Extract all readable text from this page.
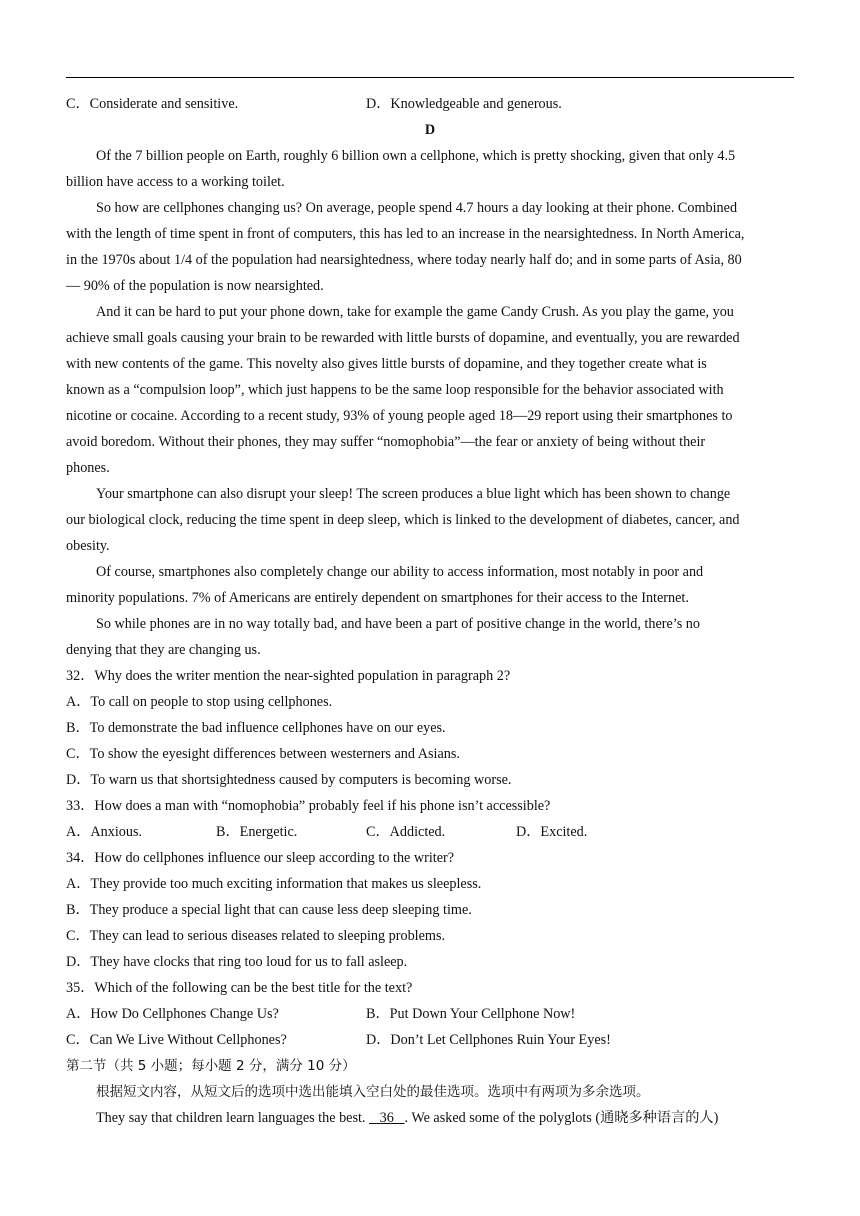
C．Considerate and sensitive.	D．Knowledgeable and generous.
D
Of the 7 billion people on Earth, roughly 6 billion own a cellphone, which is pretty shocking, given that only 4.5
billion have access to a working toilet.
So how are cellphones changing us? On average, people spend 4.7 hours a day looking at their phone. Combined
with the length of time spent in front of computers, this has led to an increase in the nearsightedness. In North America,
in the 1970s about 1/4 of the population had nearsightedness, where today nearly half do; and in some parts of Asia, 80
— 90% of the population is now nearsighted.
And it can be hard to put your phone down, take for example the game Candy Crush. As you play the game, you
achieve small goals causing your brain to be rewarded with little bursts of dopamine, and eventually, you are rewarded
with new contents of the game. This novelty also gives little bursts of dopamine, and they together create what is
known as a “compulsion loop”, which just happens to be the same loop responsible for the behavior associated with
nicotine or cocaine. According to a recent study, 93% of young people aged 18—29 report using their smartphones to
avoid boredom. Without their phones, they may suffer “nomophobia”—the fear or anxiety of being without their
phones.
Your smartphone can also disrupt your sleep! The screen produces a blue light which has been shown to change
our biological clock, reducing the time spent in deep sleep, which is linked to the development of diabetes, cancer, and
obesity.
Of course, smartphones also completely change our ability to access information, most notably in poor and
minority populations. 7% of Americans are entirely dependent on smartphones for their access to the Internet.
So while phones are in no way totally bad, and have been a part of positive change in the world, there’s no
denying that they are changing us.
32．Why does the writer mention the near-sighted population in paragraph 2?
A．To call on people to stop using cellphones.
B．To demonstrate the bad influence cellphones have on our eyes.
C．To show the eyesight differences between westerners and Asians.
D．To warn us that shortsightedness caused by computers is becoming worse.
33．How does a man with “nomophobia” probably feel if his phone isn’t accessible?
A．Anxious.	B．Energetic.	C．Addicted.	D．Excited.
34．How do cellphones influence our sleep according to the writer?
A．They provide too much exciting information that makes us sleepless.
B．They produce a special light that can cause less deep sleeping time.
C．They can lead to serious diseases related to sleeping problems.
D．They have clocks that ring too loud for us to fall asleep.
35．Which of the following can be the best title for the text?
A．How Do Cellphones Change Us?	B．Put Down Your Cellphone Now!
C．Can We Live Without Cellphones?	D．Don’t Let Cellphones Ruin Your Eyes!
第二节（共 5 小题；每小题 2 分，满分 10 分）
根据短文内容，从短文后的选项中选出能填入空白处的最佳选项。选项中有两项为多余选项。
They say that children learn languages the best.    36   . We asked some of the polyglots (通晓多种语言的人)
